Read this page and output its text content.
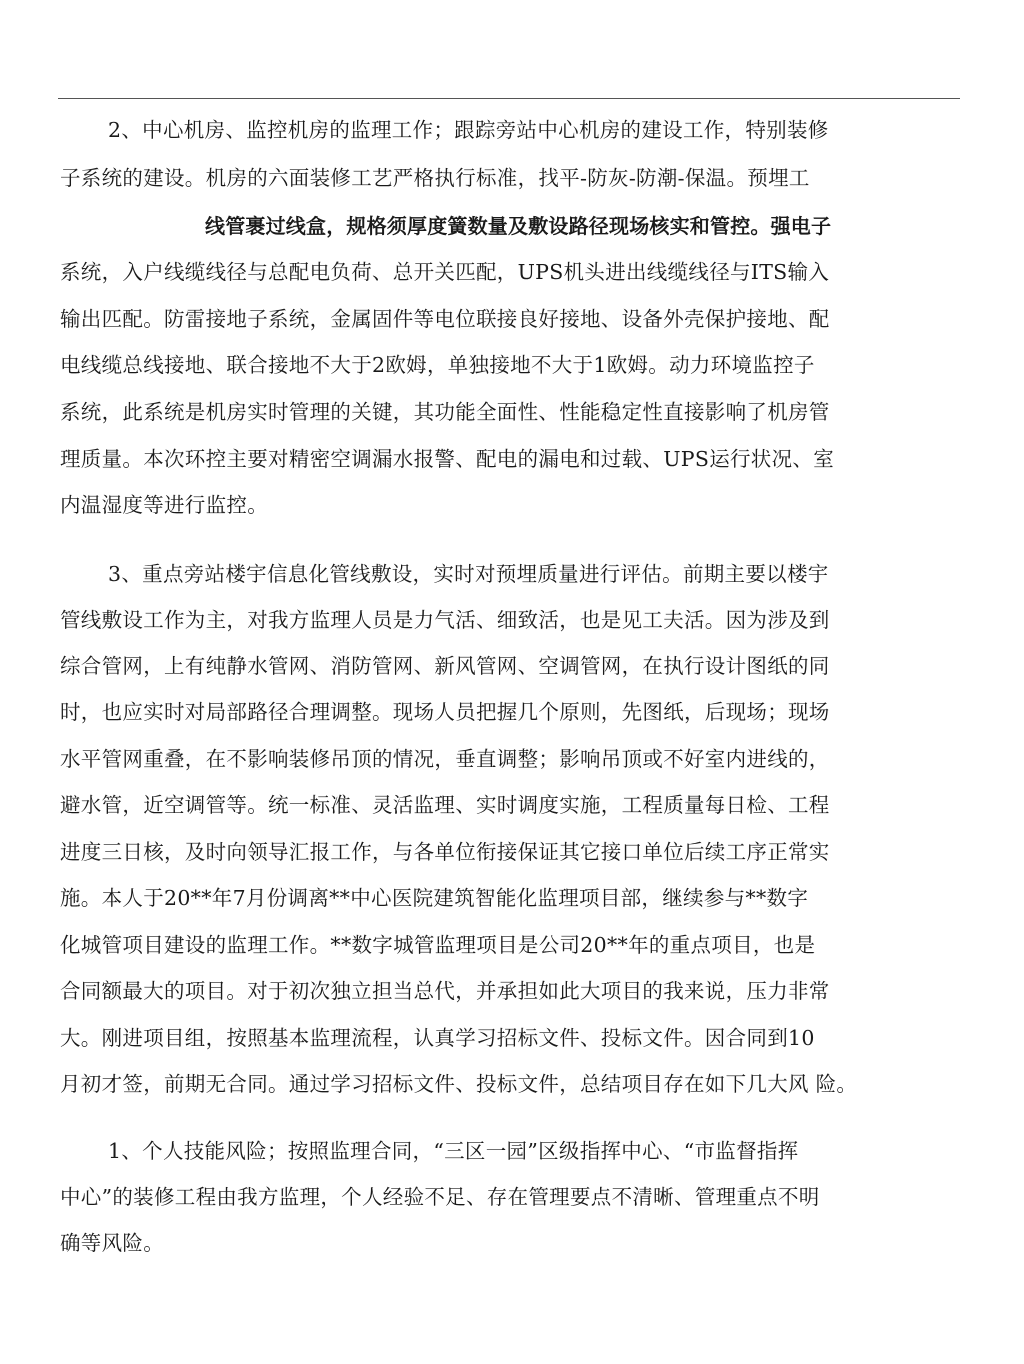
2、中心机房、监控机房的监理工作；跟踪旁站中心机房的建设工作，特别装修
子系统的建设。机房的六面装修工艺严格执行标准，找平-防灰-防潮-保温。预埋工
线管裹过线盒，规格须厚度簧数量及敷设路径现场核实和管控。强电子
系统，入户线缆线径与总配电负荷、总开关匹配，UPS机头进出线缆线径与ITS输入
输出匹配。防雷接地子系统，金属固件等电位联接良好接地、设备外壳保护接地、配
电线缆总线接地、联合接地不大于2欧姆，单独接地不大于1欧姆。动力环境监控子
系统，此系统是机房实时管理的关键，其功能全面性、性能稳定性直接影响了机房管
理质量。本次环控主要对精密空调漏水报警、配电的漏电和过载、UPS运行状况、室
内温湿度等进行监控。
3、重点旁站楼宇信息化管线敷设，实时对预埋质量进行评估。前期主要以楼宇
管线敷设工作为主，对我方监理人员是力气活、细致活，也是见工夫活。因为涉及到
综合管网，上有纯静水管网、消防管网、新风管网、空调管网，在执行设计图纸的同
时，也应实时对局部路径合理调整。现场人员把握几个原则，先图纸，后现场；现场
水平管网重叠，在不影响装修吊顶的情况，垂直调整；影响吊顶或不好室内进线的，
避水管，近空调管等。统一标准、灵活监理、实时调度实施，工程质量每日检、工程
进度三日核，及时向领导汇报工作，与各单位衔接保证其它接口单位后续工序正常实
施。本人于20**年7月份调离**中心医院建筑智能化监理项目部，继续参与**数字
化城管项目建设的监理工作。**数字城管监理项目是公司20**年的重点项目，也是
合同额最大的项目。对于初次独立担当总代，并承担如此大项目的我来说，压力非常
大。刚进项目组，按照基本监理流程，认真学习招标文件、投标文件。因合同到10
月初才签，前期无合同。通过学习招标文件、投标文件，总结项目存在如下几大风 险。
1、个人技能风险；按照监理合同，“三区一园”区级指挥中心、“市监督指挥
中心”的装修工程由我方监理，个人经验不足、存在管理要点不清晰、管理重点不明
确等风险。
